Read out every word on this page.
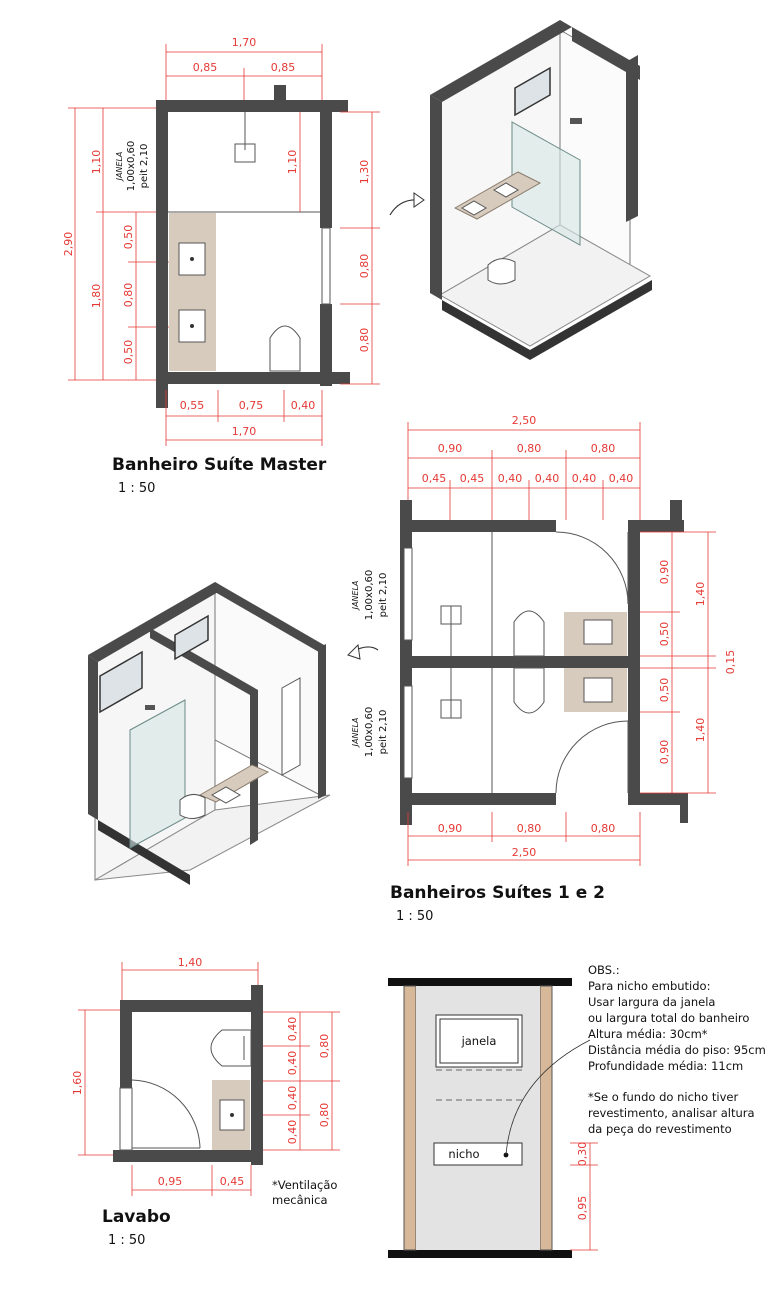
1,70
0,85	0,85
2,90
1,10
1,80
0,50
0,80
0,50
JANELA 1,00x0,60 peit 2,10	1,10	1,30
0,80
0,80
0,55	0,75	0,40
1,70
Banheiro Suíte Master
1 : 50
2,50
0,90	0,80	0,80
0,45 0,45 0,40 0,40 0,40 0,40
JANELA 1,00x0,60 peit 2,10
JANELA 1,00x0,60 peit 2,10
0,90
0,50
0,50
0,90
1,40
1,40
0,15
0,90	0,80	0,80
2,50
Banheiros Suítes 1 e 2
1 : 50
1,40
1,60
0,40
0,40
0,40
0,40
0,80
0,80
0,95	0,45 *Ventilação
mecânica
Lavabo
1 : 50
janela
nicho	0,30
0,95
OBS.:
Para nicho embutido:
Usar largura da janela
ou largura total do banheiro
Altura média: 30cm*
Distância média do piso: 95cm
Profundidade média: 11cm
*Se o fundo do nicho tiver
revestimento, analisar altura
da peça do revestimento
